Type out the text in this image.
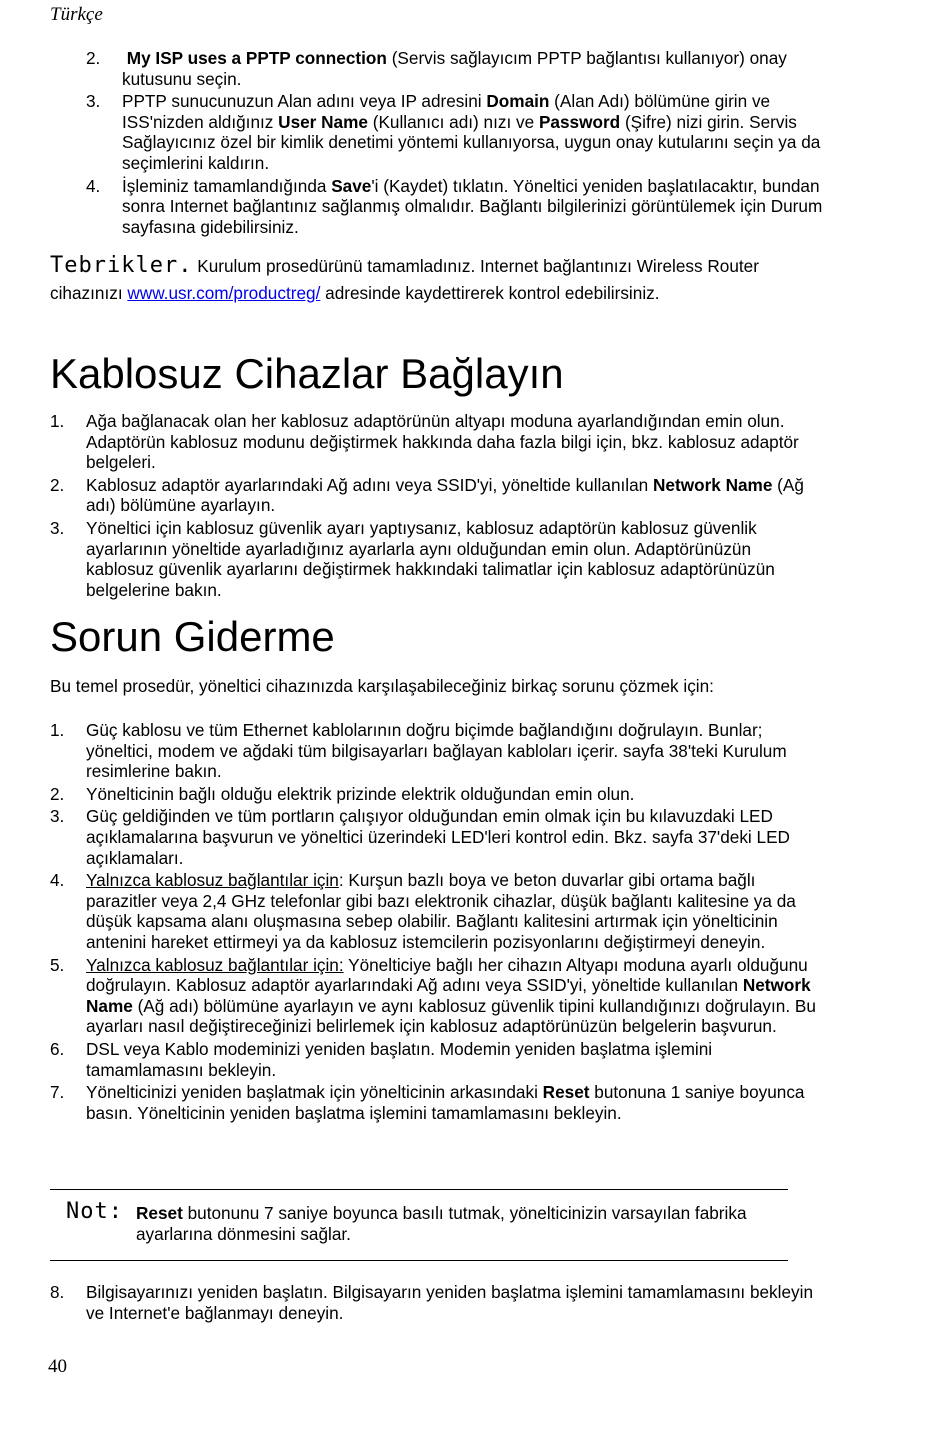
Türkçe
2. My ISP uses a PPTP connection (Servis sağlayıcım PPTP bağlantısı kullanıyor) onay kutusunu seçin.
3. PPTP sunucunuzun Alan adını veya IP adresini Domain (Alan Adı) bölümüne girin ve ISS'nizden aldığınız User Name (Kullanıcı adı) nızı ve Password (Şifre) nizi girin. Servis Sağlayıcınız özel bir kimlik denetimi yöntemi kullanıyorsa, uygun onay kutularını seçin ya da seçimlerini kaldırın.
4. İşleminiz tamamlandığında Save'i (Kaydet) tıklatın. Yöneltici yeniden başlatılacaktır, bundan sonra Internet bağlantınız sağlanmış olmalıdır. Bağlantı bilgilerinizi görüntülemek için Durum sayfasına gidebilirsiniz.
Tebrikler. Kurulum prosedürünü tamamladınız. Internet bağlantınızı Wireless Router cihazınızı www.usr.com/productreg/ adresinde kaydettirerek kontrol edebilirsiniz.
Kablosuz Cihazlar Bağlayın
1. Ağa bağlanacak olan her kablosuz adaptörünün altyapı moduna ayarlandığından emin olun. Adaptörün kablosuz modunu değiştirmek hakkında daha fazla bilgi için, bkz. kablosuz adaptör belgeleri.
2. Kablosuz adaptör ayarlarındaki Ağ adını veya SSID'yi, yöneltide kullanılan Network Name (Ağ adı) bölümüne ayarlayın.
3. Yöneltici için kablosuz güvenlik ayarı yaptıysanız, kablosuz adaptörün kablosuz güvenlik ayarlarının yöneltide ayarladığınız ayarlarla aynı olduğundan emin olun. Adaptörünüzün kablosuz güvenlik ayarlarını değiştirmek hakkındaki talimatlar için kablosuz adaptörünüzün belgelerine bakın.
Sorun Giderme
Bu temel prosedür, yöneltici cihazınızda karşılaşabileceğiniz birkaç sorunu çözmek için:
1. Güç kablosu ve tüm Ethernet kablolarının doğru biçimde bağlandığını doğrulayın. Bunlar; yöneltici, modem ve ağdaki tüm bilgisayarları bağlayan kabloları içerir. sayfa 38'teki Kurulum resimlerine bakın.
2. Yönelticinin bağlı olduğu elektrik prizinde elektrik olduğundan emin olun.
3. Güç geldiğinden ve tüm portların çalışıyor olduğundan emin olmak için bu kılavuzdaki LED açıklamalarına başvurun ve yöneltici üzerindeki LED'leri kontrol edin. Bkz. sayfa 37'deki LED açıklamaları.
4. Yalnızca kablosuz bağlantılar için: Kurşun bazlı boya ve beton duvarlar gibi ortama bağlı parazitler veya 2,4 GHz telefonlar gibi bazı elektronik cihazlar, düşük bağlantı kalitesine ya da düşük kapsama alanı oluşmasına sebep olabilir. Bağlantı kalitesini artırmak için yönelticinin antenini hareket ettirmeyi ya da kablosuz istemcilerin pozisyonlarını değiştirmeyi deneyin.
5. Yalnızca kablosuz bağlantılar için: Yönelticiye bağlı her cihazın Altyapı moduna ayarlı olduğunu doğrulayın. Kablosuz adaptör ayarlarındaki Ağ adını veya SSID'yi, yöneltide kullanılan Network Name (Ağ adı) bölümüne ayarlayın ve aynı kablosuz güvenlik tipini kullandığınızı doğrulayın. Bu ayarları nasıl değiştireceğinizi belirlemek için kablosuz adaptörünüzün belgelerin başvurun.
6. DSL veya Kablo modeminizi yeniden başlatın. Modemin yeniden başlatma işlemini tamamlamasını bekleyin.
7. Yönelticinizi yeniden başlatmak için yönelticinin arkasındaki Reset butonuna 1 saniye boyunca basın. Yönelticinin yeniden başlatma işlemini tamamlamasını bekleyin.
Not: Reset butonunu 7 saniye boyunca basılı tutmak, yönelticinizin varsayılan fabrika ayarlarına dönmesini sağlar.
8. Bilgisayarınızı yeniden başlatın. Bilgisayarın yeniden başlatma işlemini tamamlamasını bekleyin ve Internet'e bağlanmayı deneyin.
40
